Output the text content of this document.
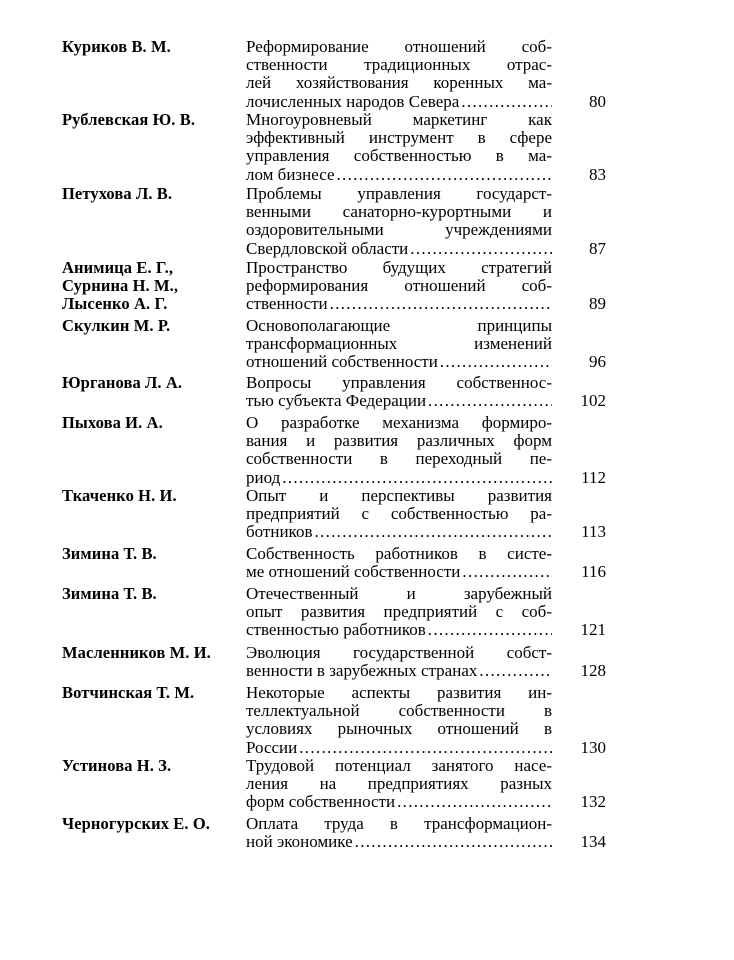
Куриков В. М.	Реформирование отношений соб-
ственности традиционных отрас-
лей хозяйствования коренных ма-
лочисленных народов Севера .....	80
Рублевская Ю. В.	Многоуровневый маркетинг как
эффективный инструмент в сфере
управления собственностью в ма-
лом бизнесе .....	83
Петухова Л. В.	Проблемы управления государст-
венными санаторно-курортными и
оздоровительными учреждениями
Свердловской области .....	87
Анимица Е. Г.,
Сурнина Н. М.,
Лысенко А. Г.
Пространство будущих стратегий
реформирования отношений соб-
ственности .....	89
Скулкин М. Р.	Основополагающие принципы
трансформационных изменений
отношений собственности .....	96
Юрганова Л. А.	Вопросы управления собственнос-
тью субъекта Федерации .....	102
Пыхова И. А.	О разработке механизма формиро-
вания и развития различных форм
собственности в переходный пе-
риод .....	112
Ткаченко Н. И.	Опыт и перспективы развития
предприятий с собственностью ра-
ботников .....	113
Зимина Т. В.	Собственность работников в систе-
ме отношений собственности .....	116
Зимина Т. В.	Отечественный и зарубежный
опыт развития предприятий с соб-
ственностью работников .....	121
Масленников М. И.	Эволюция государственной собст-
венности в зарубежных странах .....	128
Вотчинская Т. М.	Некоторые аспекты развития ин-
теллектуальной собственности в
условиях рыночных отношений в
России .....	130
Устинова Н. З.	Трудовой потенциал занятого насе-
ления на предприятиях разных
форм собственности .....	132
Черногурских Е. О.	Оплата труда в трансформацион-
ной экономике .....	134
